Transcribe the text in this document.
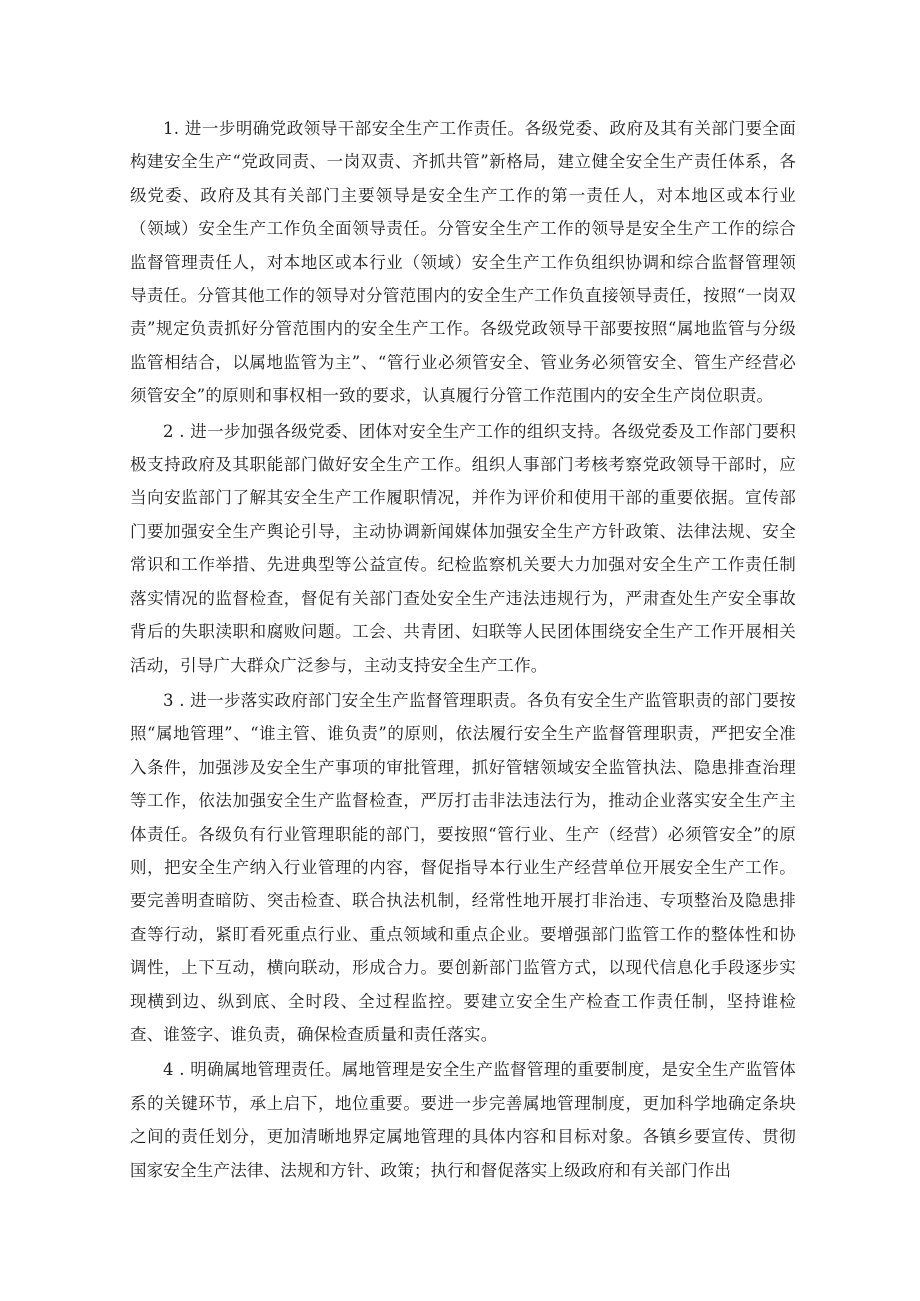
1. 进一步明确党政领导干部安全生产工作责任。各级党委、政府及其有关部门要全面构建安全生产“党政同责、一岗双责、齐抓共管”新格局，建立健全安全生产责任体系，各级党委、政府及其有关部门主要领导是安全生产工作的第一责任人，对本地区或本行业（领域）安全生产工作负全面领导责任。分管安全生产工作的领导是安全生产工作的综合监督管理责任人，对本地区或本行业（领域）安全生产工作负组织协调和综合监督管理领导责任。分管其他工作的领导对分管范围内的安全生产工作负直接领导责任，按照“一岗双责”规定负责抓好分管范围内的安全生产工作。各级党政领导干部要按照“属地监管与分级监管相结合，以属地监管为主”、“管行业必须管安全、管业务必须管安全、管生产经营必须管安全”的原则和事权相一致的要求，认真履行分管工作范围内的安全生产岗位职责。

2 . 进一步加强各级党委、团体对安全生产工作的组织支持。各级党委及工作部门要积极支持政府及其职能部门做好安全生产工作。组织人事部门考核考察党政领导干部时，应当向安监部门了解其安全生产工作履职情况，并作为评价和使用干部的重要依据。宣传部门要加强安全生产舆论引导，主动协调新闻媒体加强安全生产方针政策、法律法规、安全常识和工作举措、先进典型等公益宣传。纪检监察机关要大力加强对安全生产工作责任制落实情况的监督检查，督促有关部门查处安全生产违法违规行为，严肃查处生产安全事故背后的失职渎职和腐败问题。工会、共青团、妇联等人民团体围绕安全生产工作开展相关活动，引导广大群众广泛参与，主动支持安全生产工作。

3 . 进一步落实政府部门安全生产监督管理职责。各负有安全生产监管职责的部门要按照“属地管理”、“谁主管、谁负责”的原则，依法履行安全生产监督管理职责，严把安全准入条件，加强涉及安全生产事项的审批管理，抓好管辖领域安全监管执法、隐患排查治理等工作，依法加强安全生产监督检查，严厉打击非法违法行为，推动企业落实安全生产主体责任。各级负有行业管理职能的部门，要按照“管行业、生产（经营）必须管安全”的原则，把安全生产纳入行业管理的内容，督促指导本行业生产经营单位开展安全生产工作。要完善明查暗防、突击检查、联合执法机制，经常性地开展打非治违、专项整治及隐患排查等行动，紧盯看死重点行业、重点领域和重点企业。要增强部门监管工作的整体性和协调性，上下互动，横向联动，形成合力。要创新部门监管方式，以现代信息化手段逐步实现横到边、纵到底、全时段、全过程监控。要建立安全生产检查工作责任制，坚持谁检查、谁签字、谁负责，确保检查质量和责任落实。

4 . 明确属地管理责任。属地管理是安全生产监督管理的重要制度，是安全生产监管体系的关键环节，承上启下，地位重要。要进一步完善属地管理制度，更加科学地确定条块之间的责任划分，更加清晰地界定属地管理的具体内容和目标对象。各镇乡要宣传、贯彻国家安全生产法律、法规和方针、政策；执行和督促落实上级政府和有关部门作出
